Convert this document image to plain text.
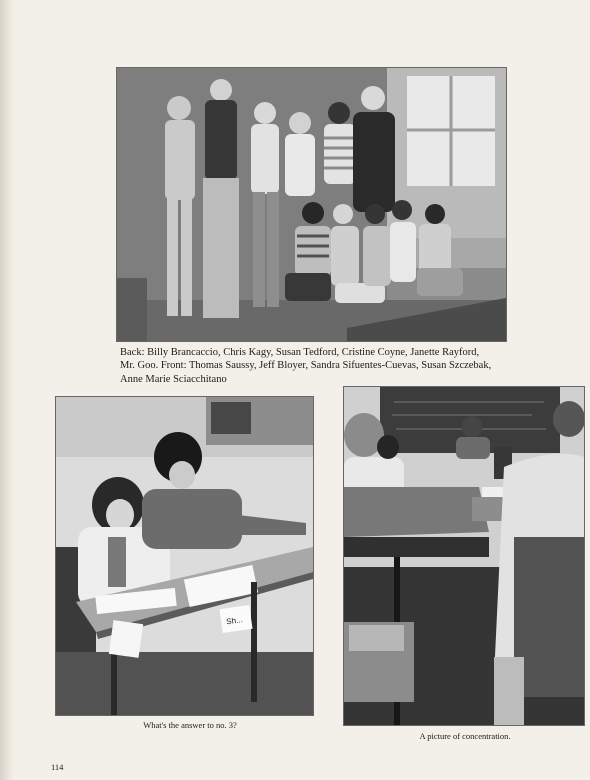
Back: Billy Brancaccio, Chris Kagy, Susan Tedford, Cristine Coyne, Janette Rayford,
Mr. Goo. Front: Thomas Saussy, Jeff Bloyer, Sandra Sifuentes-Cuevas, Susan Szczebak,
Anne Marie Sciacchitano
Sh...
What's the answer to no. 3?
A picture of concentration.
114
